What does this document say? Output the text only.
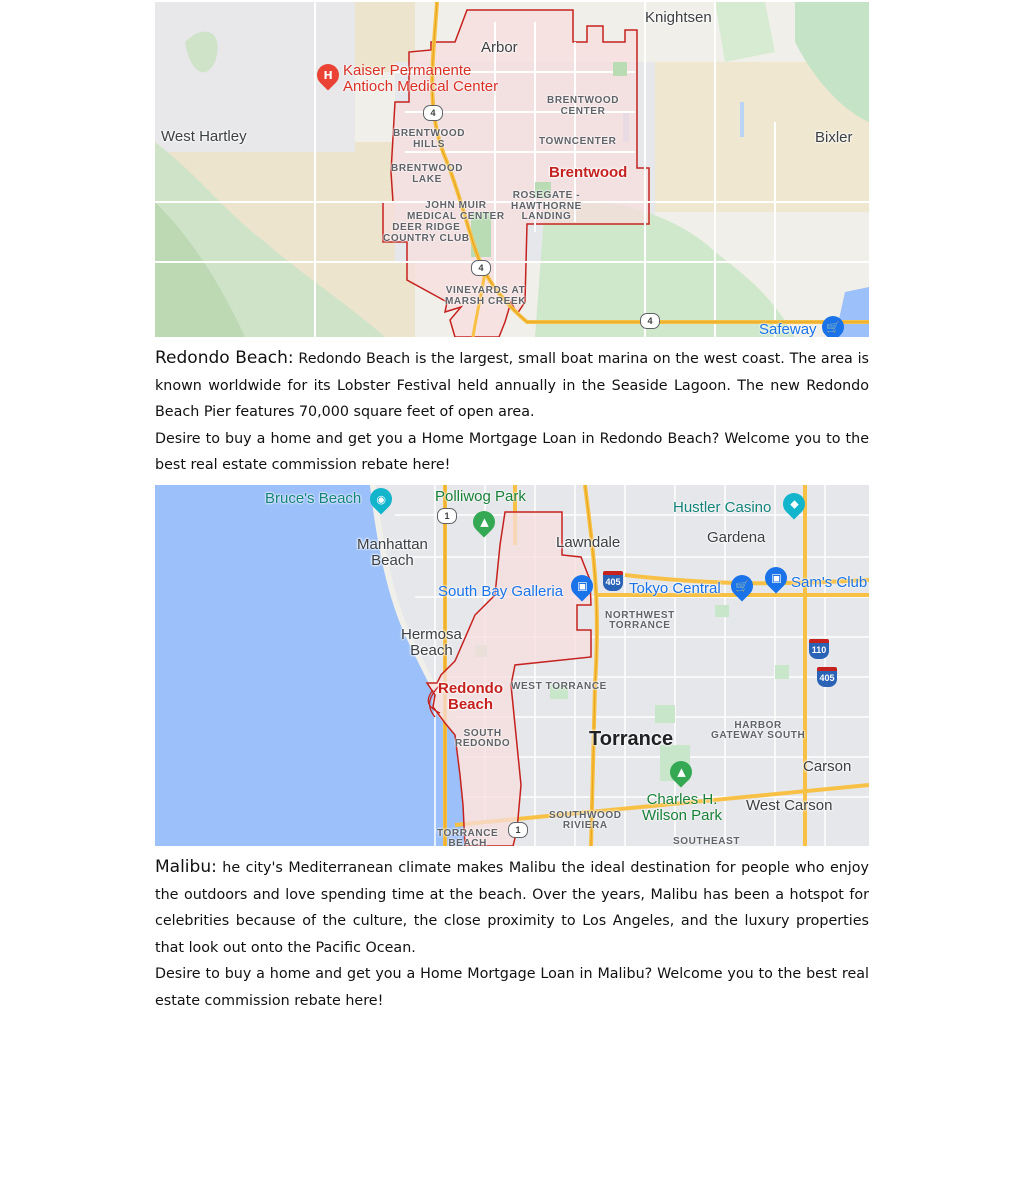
Knightsen
Arbor
H Kaiser Permanente
Antioch Medical Center
West Hartley	Bixler
BRENTWOOD
CENTER
BRENTWOOD
HILLS	TOWNCENTER
Brentwood
BRENTWOOD
LAKE
ROSEGATE -
HAWTHORNE
LANDING
JOHN MUIR
MEDICAL CENTER
DEER RIDGE
COUNTRY CLUB
VINEYARDS AT
MARSH CREEK
4
4
4	Safeway 🛒

Redondo Beach: Redondo Beach is the largest, small boat marina on the west coast. The area is known worldwide for its Lobster Festival held annually in the Seaside Lagoon. The new Redondo Beach Pier features 70,000 square feet of open area.

Desire to buy a home and get you a Home Mortgage Loan in Redondo Beach? Welcome you to the best real estate commission rebate here!

Bruce's Beach ◉	Polliwog Park
▲
Hustler Casino ◆
Manhattan
Beach
Lawndale	Gardena
South Bay Galleria ▣ 405 Tokyo Central 🛒
▣ Sam's Club
NORTHWEST
TORRANCE
Hermosa
Beach	110
405
Redondo
Beach
WEST TORRANCE
HARBOR
GATEWAY SOUTH
SOUTH
REDONDO	Torrance
Carson
▲
Charles H.
Wilson Park
West Carson
SOUTHWOOD
RIVIERA
TORRANCE
BEACH
1
1
SOUTHEAST

Malibu: he city's Mediterranean climate makes Malibu the ideal destination for people who enjoy the outdoors and love spending time at the beach. Over the years, Malibu has been a hotspot for celebrities because of the culture, the close proximity to Los Angeles, and the luxury properties that look out onto the Pacific Ocean.

Desire to buy a home and get you a Home Mortgage Loan in Malibu? Welcome you to the best real estate commission rebate here!
